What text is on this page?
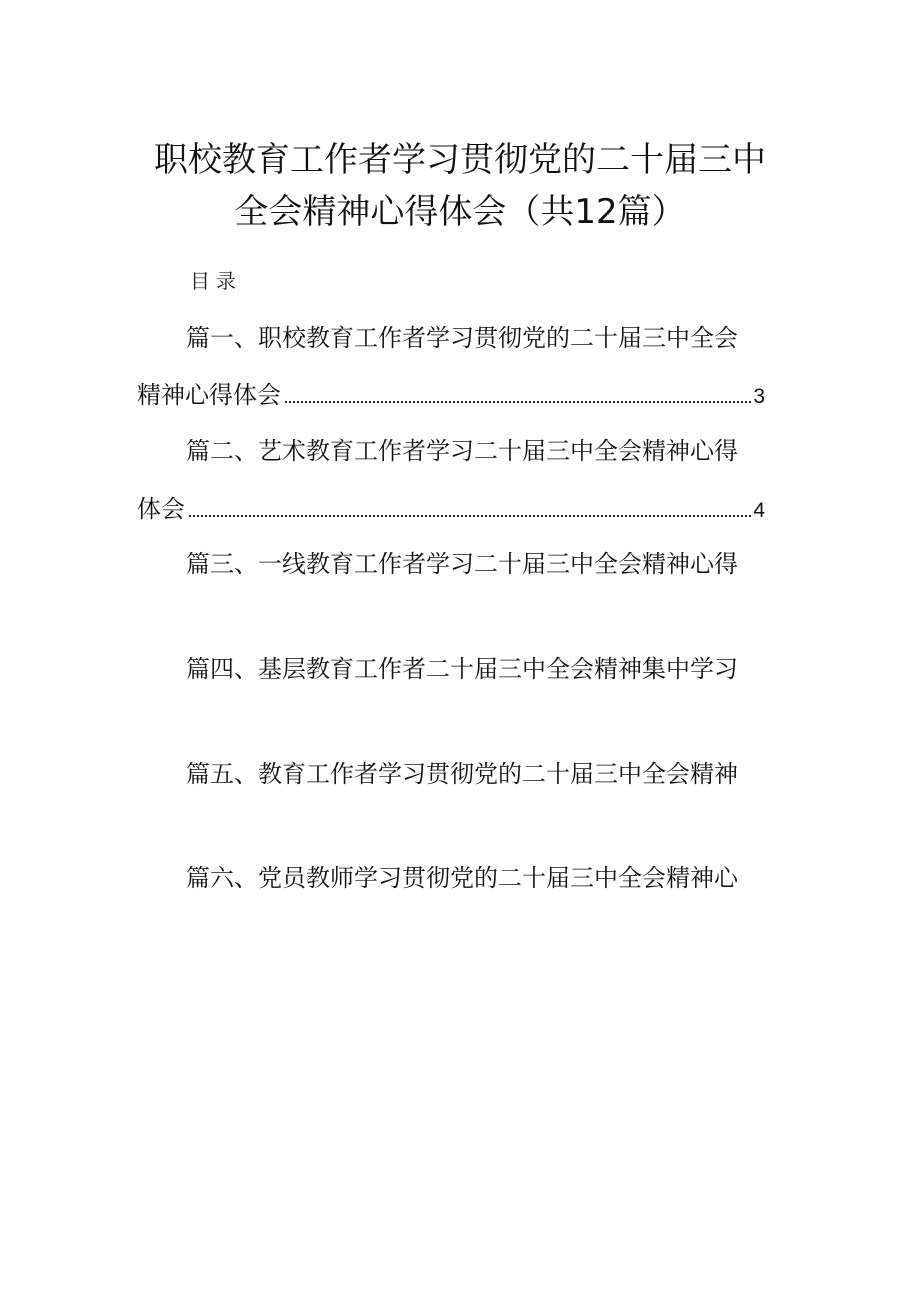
职校教育工作者学习贯彻党的二十届三中
全会精神心得体会（共12篇）
目录
篇一、职校教育工作者学习贯彻党的二十届三中全会
精神心得体会	3
篇二、艺术教育工作者学习二十届三中全会精神心得
体会	4
篇三、一线教育工作者学习二十届三中全会精神心得
篇四、基层教育工作者二十届三中全会精神集中学习
篇五、教育工作者学习贯彻党的二十届三中全会精神
篇六、党员教师学习贯彻党的二十届三中全会精神心
